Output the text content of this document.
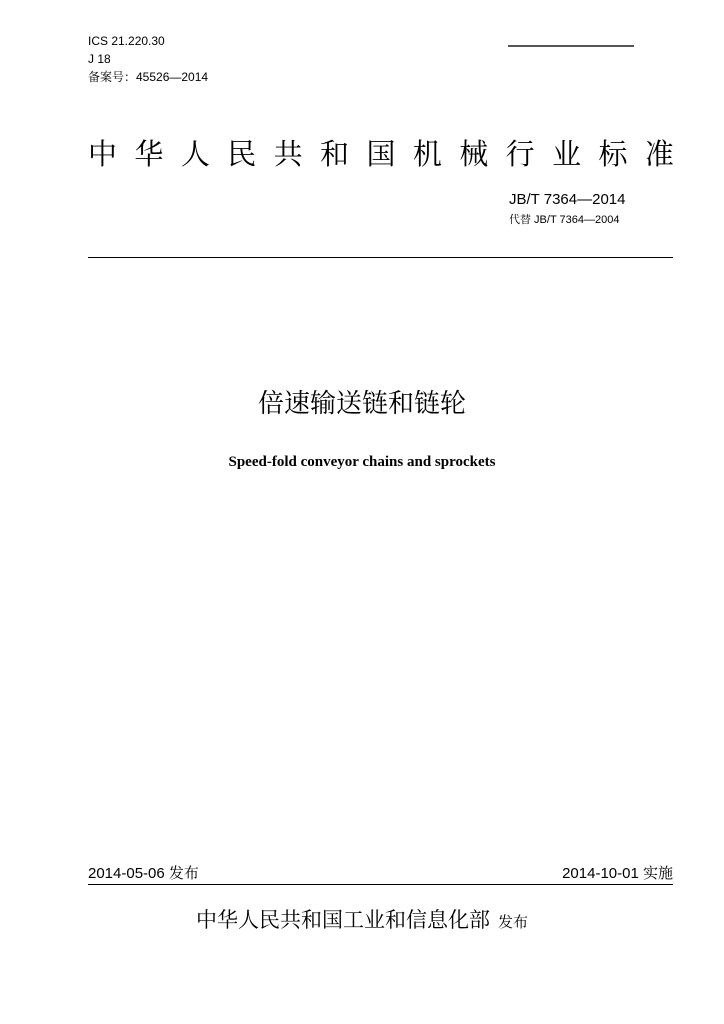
ICS 21.220.30
J 18
备案号：45526—2014
中 华 人 民 共 和 国 机 械 行 业 标 准
JB/T 7364—2014
代替 JB/T 7364—2004
倍速输送链和链轮
Speed-fold conveyor chains and sprockets
2014-05-06 发布	2014-10-01 实施
中华人民共和国工业和信息化部 发布
